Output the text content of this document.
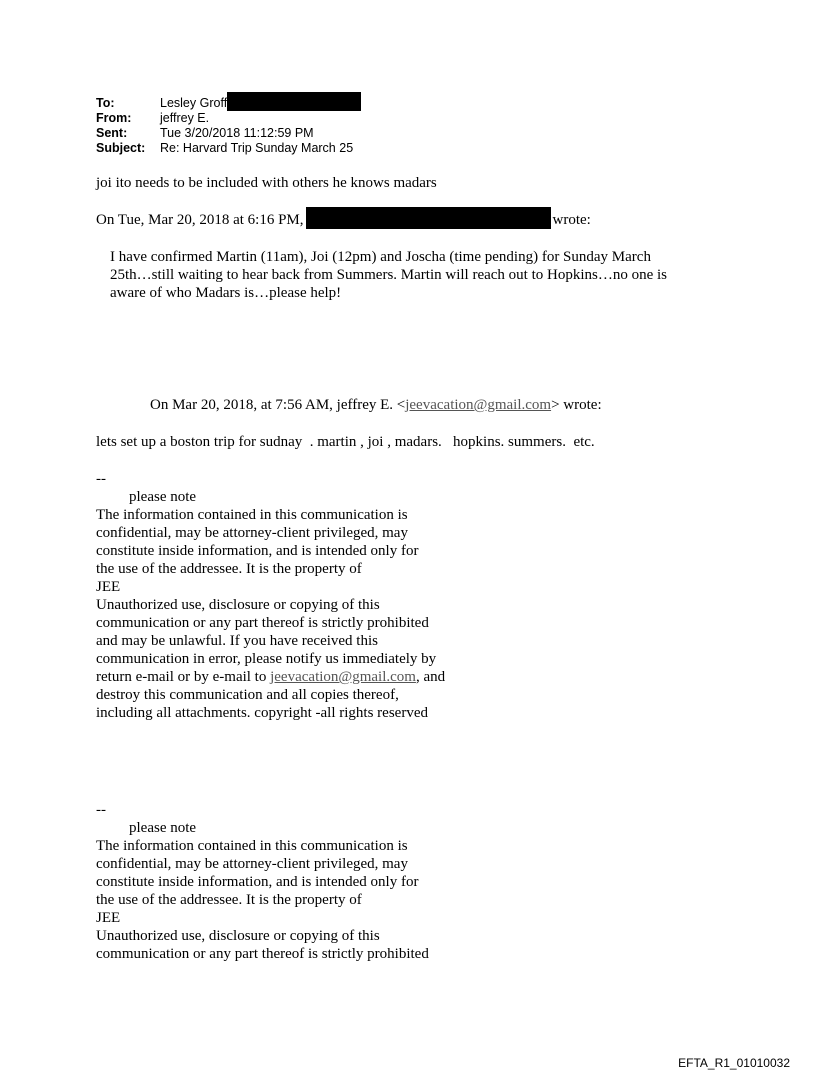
To:	Lesley Groff
From:	jeffrey E.
Sent:	Tue 3/20/2018 11:12:59 PM
Subject:	Re: Harvard Trip Sunday March 25

joi ito needs to be included with others he knows madars

On Tue, Mar 20, 2018 at 6:16 PM,	wrote:

I have confirmed Martin (11am), Joi (12pm) and Joscha (time pending) for Sunday March
25th…still waiting to hear back from Summers. Martin will reach out to Hopkins…no one is
aware of who Madars is…please help!

On Mar 20, 2018, at 7:56 AM, jeffrey E. <jeevacation@gmail.com> wrote:

lets set up a boston trip for sudnay  . martin , joi , madars.   hopkins. summers.  etc.

--
please note
The information contained in this communication is
confidential, may be attorney-client privileged, may
constitute inside information, and is intended only for
the use of the addressee. It is the property of
JEE
Unauthorized use, disclosure or copying of this
communication or any part thereof is strictly prohibited
and may be unlawful. If you have received this
communication in error, please notify us immediately by
return e-mail or by e-mail to jeevacation@gmail.com, and
destroy this communication and all copies thereof,
including all attachments. copyright -all rights reserved
--
please note
The information contained in this communication is
confidential, may be attorney-client privileged, may
constitute inside information, and is intended only for
the use of the addressee. It is the property of
JEE
Unauthorized use, disclosure or copying of this
communication or any part thereof is strictly prohibited
EFTA_R1_01010032
